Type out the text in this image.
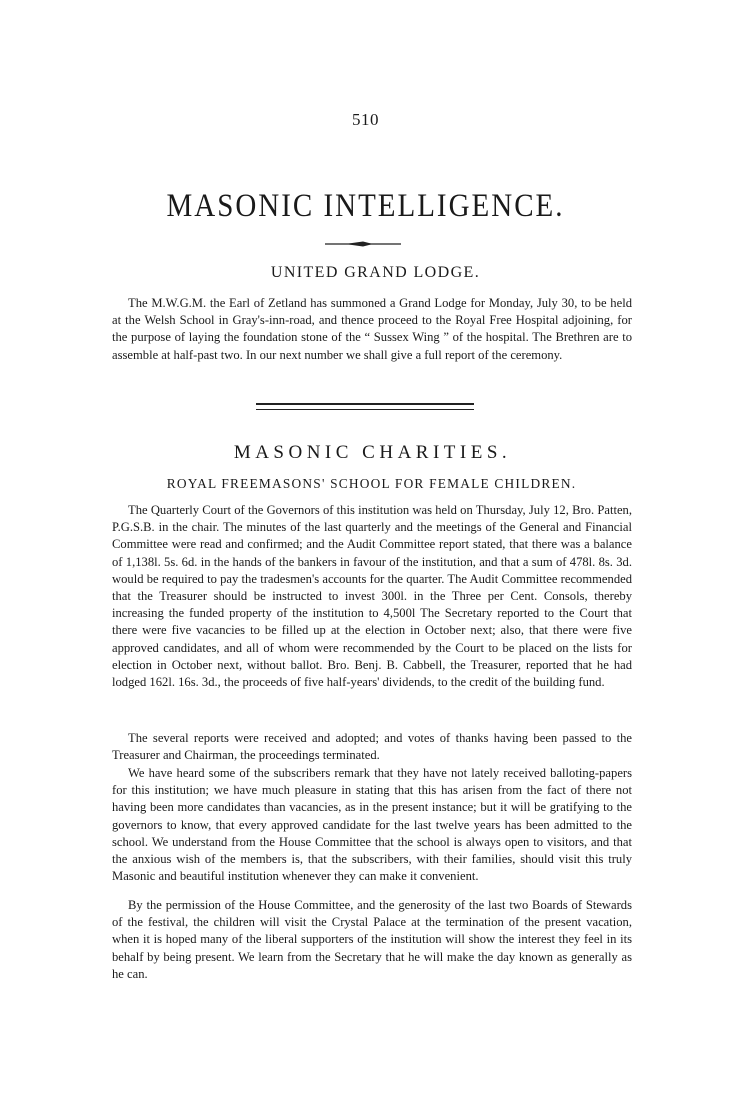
510
MASONIC INTELLIGENCE.
UNITED GRAND LODGE.

The M.W.G.M. the Earl of Zetland has summoned a Grand Lodge for Monday, July 30, to be held at the Welsh School in Gray's-inn-road, and thence proceed to the Royal Free Hospital adjoining, for the purpose of laying the foundation stone of the “ Sussex Wing ” of the hospital. The Brethren are to assemble at half-past two. In our next number we shall give a full report of the ceremony.

MASONIC CHARITIES.
ROYAL FREEMASONS' SCHOOL FOR FEMALE CHILDREN.

The Quarterly Court of the Governors of this institution was held on Thursday, July 12, Bro. Patten, P.G.S.B. in the chair. The minutes of the last quarterly and the meetings of the General and Financial Committee were read and confirmed; and the Audit Committee report stated, that there was a balance of 1,138l. 5s. 6d. in the hands of the bankers in favour of the institution, and that a sum of 478l. 8s. 3d. would be required to pay the tradesmen's accounts for the quarter. The Audit Committee recommended that the Treasurer should be instructed to invest 300l. in the Three per Cent. Consols, thereby increasing the funded property of the institution to 4,500l The Secretary reported to the Court that there were five vacancies to be filled up at the election in October next; also, that there were five approved candidates, and all of whom were recommended by the Court to be placed on the lists for election in October next, without ballot. Bro. Benj. B. Cabbell, the Treasurer, reported that he had lodged 162l. 16s. 3d., the proceeds of five half-years' dividends, to the credit of the building fund.

The several reports were received and adopted; and votes of thanks having been passed to the Treasurer and Chairman, the proceedings terminated.

We have heard some of the subscribers remark that they have not lately received balloting-papers for this institution; we have much pleasure in stating that this has arisen from the fact of there not having been more candidates than vacancies, as in the present instance; but it will be gratifying to the governors to know, that every approved candidate for the last twelve years has been admitted to the school. We understand from the House Committee that the school is always open to visitors, and that the anxious wish of the members is, that the subscribers, with their families, should visit this truly Masonic and beautiful institution whenever they can make it convenient.

By the permission of the House Committee, and the generosity of the last two Boards of Stewards of the festival, the children will visit the Crystal Palace at the termination of the present vacation, when it is hoped many of the liberal supporters of the institution will show the interest they feel in its behalf by being present. We learn from the Secretary that he will make the day known as generally as he can.
